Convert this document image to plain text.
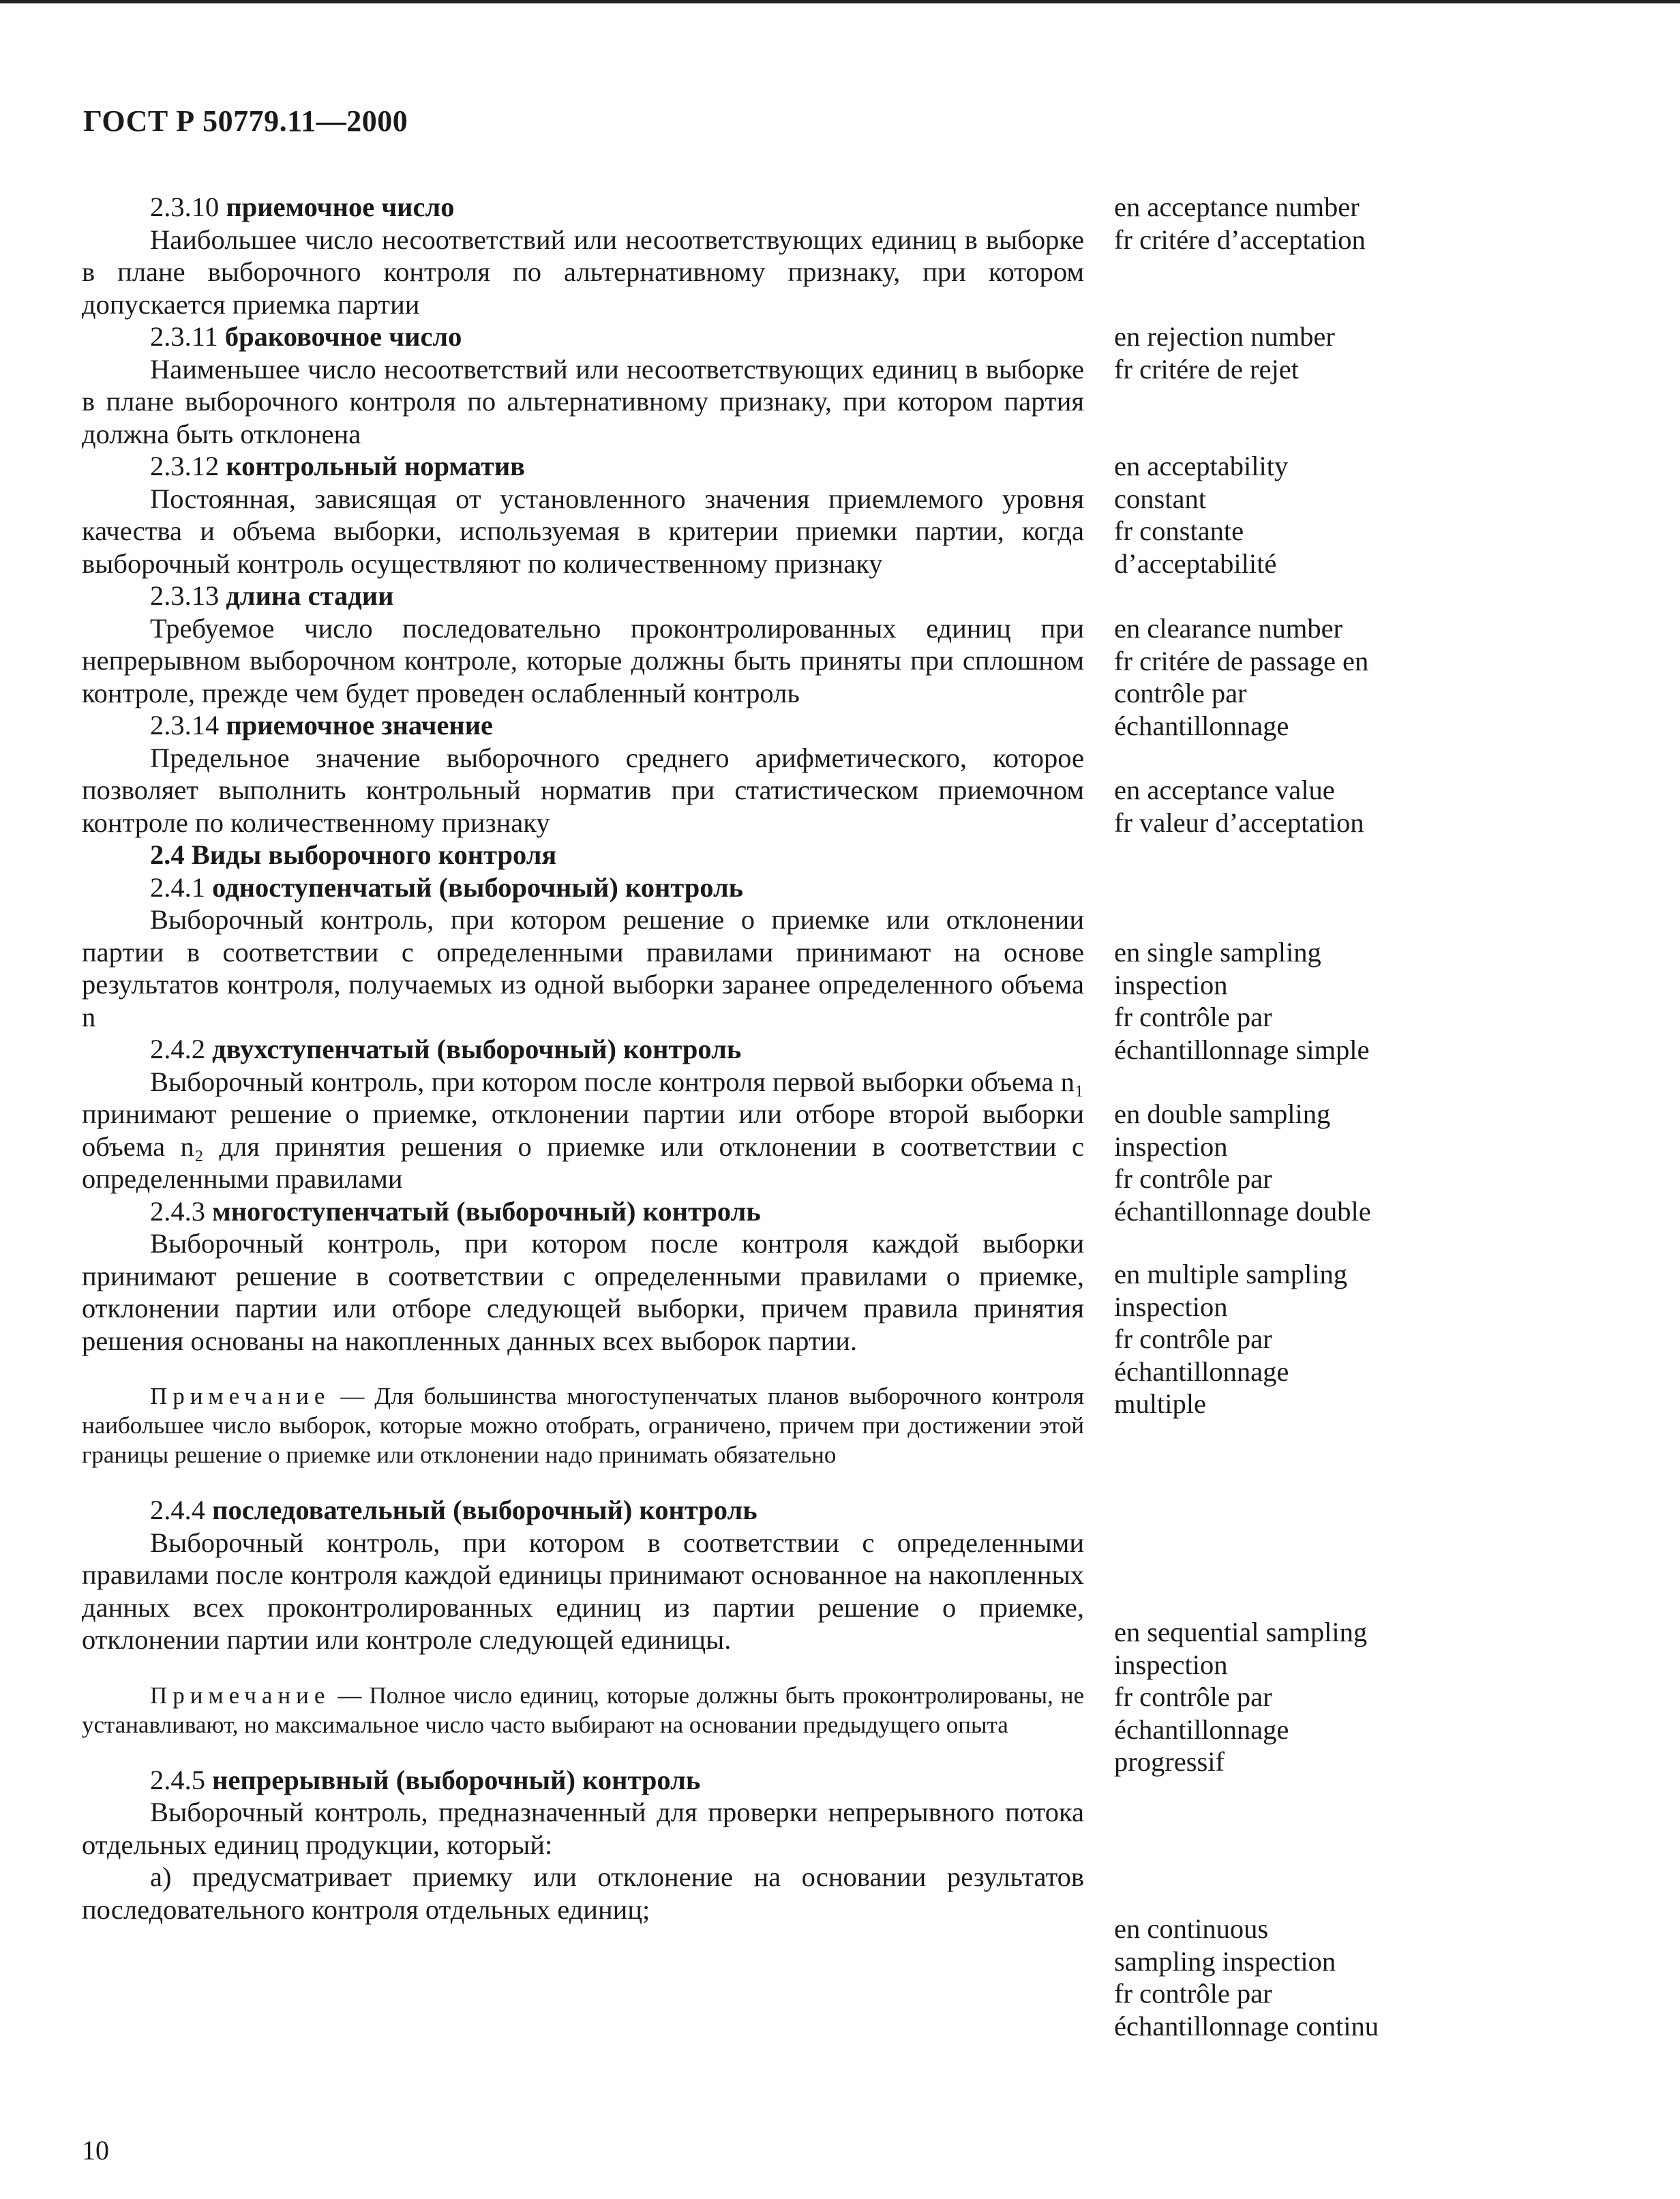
ГОСТ Р 50779.11—2000
2.3.10 приемочное число

Наибольшее число несоответствий или несоответствующих единиц в выборке в плане выборочного контроля по альтернативному признаку, при котором допускается приемка партии

2.3.11 браковочное число

Наименьшее число несоответствий или несоответствующих единиц в выборке в плане выборочного контроля по альтернативному признаку, при котором партия должна быть отклонена

2.3.12 контрольный норматив

Постоянная, зависящая от установленного значения приемлемого уровня качества и объема выборки, используемая в критерии приемки партии, когда выборочный контроль осуществляют по количественному признаку

2.3.13 длина стадии

Требуемое число последовательно проконтролированных единиц при непрерывном выборочном контроле, которые должны быть приняты при сплошном контроле, прежде чем будет проведен ослабленный контроль

2.3.14 приемочное значение

Предельное значение выборочного среднего арифметического, которое позволяет выполнить контрольный норматив при статистическом приемочном контроле по количественному признаку

2.4 Виды выборочного контроля

2.4.1 одноступенчатый (выборочный) контроль

Выборочный контроль, при котором решение о приемке или отклонении партии в соответствии с определенными правилами принимают на основе результатов контроля, получаемых из одной выборки заранее определенного объема n

2.4.2 двухступенчатый (выборочный) контроль

Выборочный контроль, при котором после контроля первой выборки объема n₁ принимают решение о приемке, отклонении партии или отборе второй выборки объема n₂ для принятия решения о приемке или отклонении в соответствии с определенными правилами

2.4.3 многоступенчатый (выборочный) контроль

Выборочный контроль, при котором после контроля каждой выборки принимают решение в соответствии с определенными правилами о приемке, отклонении партии или отборе следующей выборки, причем правила принятия решения основаны на накопленных данных всех выборок партии.

Примечание — Для большинства многоступенчатых планов выборочного контроля наибольшее число выборок, которые можно отобрать, ограничено, причем при достижении этой границы решение о приемке или отклонении надо принимать обязательно

2.4.4 последовательный (выборочный) контроль

Выборочный контроль, при котором в соответствии с определенными правилами после контроля каждой единицы принимают основанное на накопленных данных всех проконтролированных единиц из партии решение о приемке, отклонении партии или контроле следующей единицы.

Примечание — Полное число единиц, которые должны быть проконтролированы, не устанавливают, но максимальное число часто выбирают на основании предыдущего опыта

2.4.5 непрерывный (выборочный) контроль

Выборочный контроль, предназначенный для проверки непрерывного потока отдельных единиц продукции, который:

а) предусматривает приемку или отклонение на основании результатов последовательного контроля отдельных единиц;

en acceptance number
fr critére d’acceptation
en rejection number
fr critére de rejet
en acceptability
constant
fr constante
d’acceptabilité
en clearance number
fr critére de passage en
contrôle par
échantillonnage
en acceptance value
fr valeur d’acceptation
en single sampling
inspection
fr contrôle par
échantillonnage simple
en double sampling
inspection
fr contrôle par
échantillonnage double
en multiple sampling
inspection
fr contrôle par
échantillonnage
multiple
en sequential sampling
inspection
fr contrôle par
échantillonnage
progressif
en continuous
sampling inspection
fr contrôle par
échantillonnage continu
10
